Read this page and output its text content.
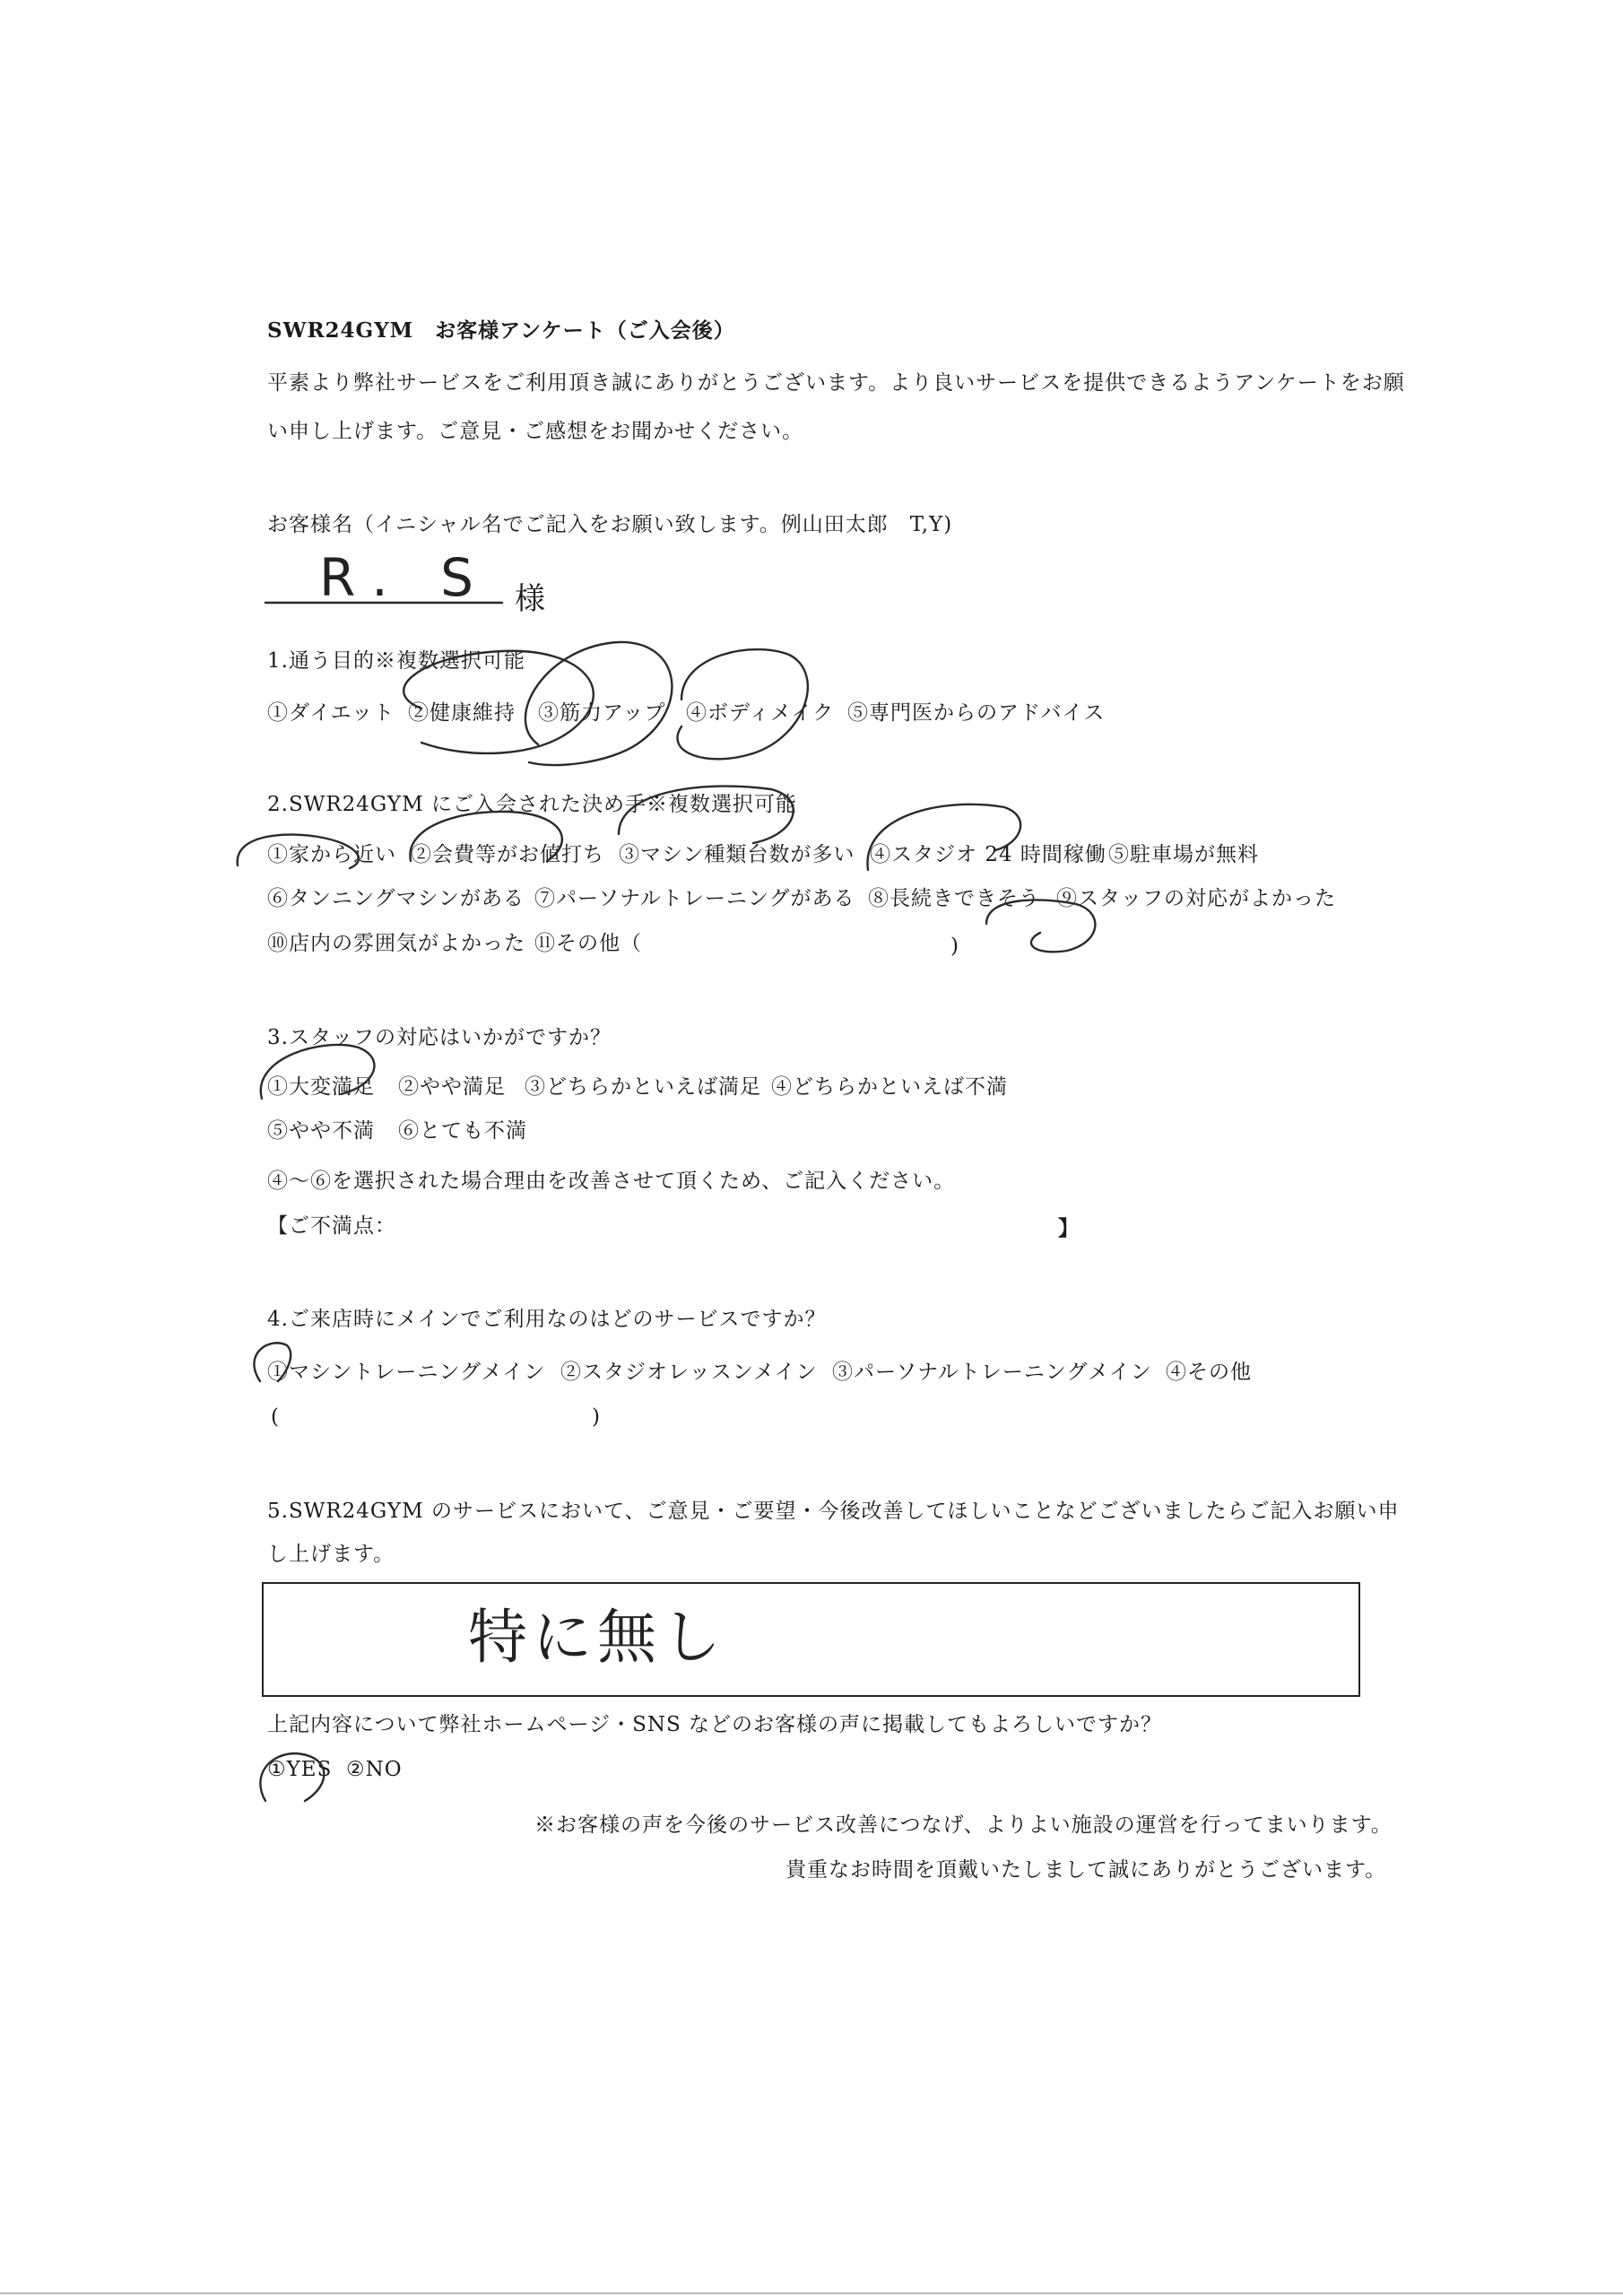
SWR24GYM　お客様アンケート（ご入会後）
平素より弊社サービスをご利用頂き誠にありがとうございます。より良いサービスを提供できるようアンケートをお願
い申し上げます。ご意見・ご感想をお聞かせください。
お客様名（イニシャル名でご記入をお願い致します。例山田太郎　T,Y)
R. S 様
1.通う目的※複数選択可能
①ダイエット ②健康維持 ③筋力アップ ④ボディメイク ⑤専門医からのアドバイス
2.SWR24GYM にご入会された決め手※複数選択可能
①家から近い ②会費等がお値打ち ③マシン種類台数が多い ④スタジオ 24 時間稼働 ⑤駐車場が無料
⑥タンニングマシンがある ⑦パーソナルトレーニングがある ⑧長続きできそう ⑨スタッフの対応がよかった
⑩店内の雰囲気がよかった ⑪その他（	)
3.スタッフの対応はいかがですか？
①大変満足 ②やや満足 ③どちらかといえば満足 ④どちらかといえば不満
⑤やや不満 ⑥とても不満
④～⑥を選択された場合理由を改善させて頂くため、ご記入ください。
【ご不満点：	】
4.ご来店時にメインでご利用なのはどのサービスですか？
①マシントレーニングメイン ②スタジオレッスンメイン ③パーソナルトレーニングメイン ④その他
(	)
5.SWR24GYM のサービスにおいて、ご意見・ご要望・今後改善してほしいことなどございましたらご記入お願い申
し上げます。
特に無し
上記内容について弊社ホームページ・SNS などのお客様の声に掲載してもよろしいですか？
①YES ②NO
※お客様の声を今後のサービス改善につなげ、よりよい施設の運営を行ってまいります。
貴重なお時間を頂戴いたしまして誠にありがとうございます。
